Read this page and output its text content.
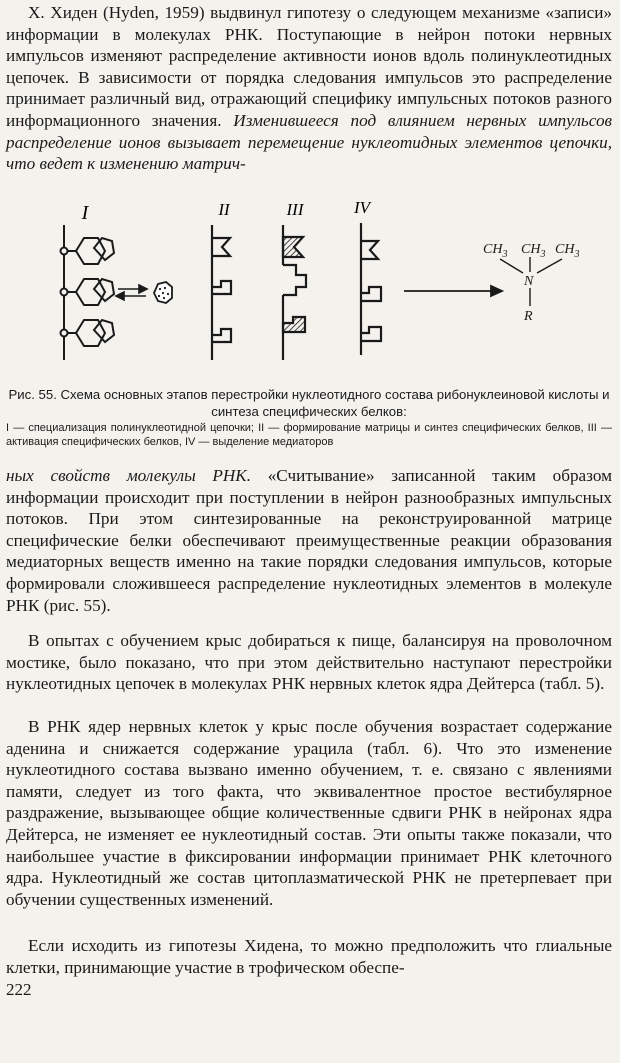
Х. Хиден (Hyden, 1959) выдвинул гипотезу о следующем механизме «записи» информации в молекулах РНК. Поступающие в нейрон потоки нервных импульсов изменяют распределение активности ионов вдоль полинуклеотидных цепочек. В зависимости от порядка следования импульсов это распределение принимает различный вид, отражающий специфику импульсных потоков разного информационного значения. Изменившееся под влиянием нервных импульсов распределение ионов вызывает перемещение нуклеотидных элементов цепочки, что ведет к изменению матрич-

I	II	III	IV
$CH_3$ $CH_3$ $CH_3$
N
R

Рис. 55. Схема основных этапов перестройки нуклеотидного состава рибонуклеиновой кислоты и синтеза специфических белков:

I — специализация полинуклеотидной цепочки; II — формирование матрицы и синтез специфических белков, III — активация специфических белков, IV — выделение медиаторов

ных свойств молекулы РНК. «Считывание» записанной таким образом информации происходит при поступлении в нейрон разнообразных импульсных потоков. При этом синтезированные на реконструированной матрице специфические белки обеспечивают преимущественные реакции образования медиаторных веществ именно на такие порядки следования импульсов, которые формировали сложившееся распределение нуклеотидных элементов в молекуле РНК (рис. 55).

В опытах с обучением крыс добираться к пище, балансируя на проволочном мостике, было показано, что при этом действительно наступают перестройки нуклеотидных цепочек в молекулах РНК нервных клеток ядра Дейтерса (табл. 5).

В РНК ядер нервных клеток у крыс после обучения возрастает содержание аденина и снижается содержание урацила (табл. 6). Что это изменение нуклеотидного состава вызвано именно обучением, т. е. связано с явлениями памяти, следует из того факта, что эквивалентное простое вестибулярное раздражение, вызывающее общие количественные сдвиги РНК в нейронах ядра Дейтерса, не изменяет ее нуклеотидный состав. Эти опыты также показали, что наибольшее участие в фиксировании информации принимает РНК клеточного ядра. Нуклеотидный же состав цитоплазматической РНК не претерпевает при обучении существенных изменений.

Если исходить из гипотезы Хидена, то можно предположить что глиальные клетки, принимающие участие в трофическом обеспе-

222
